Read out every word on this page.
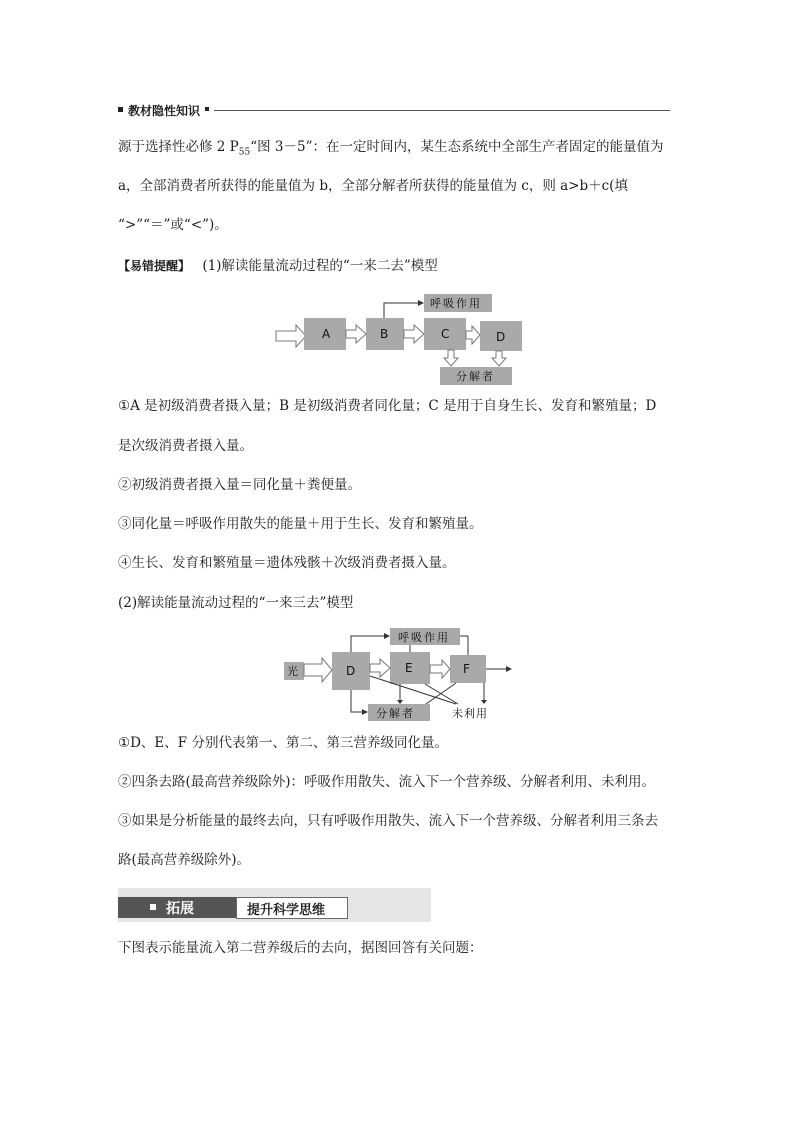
教材隐性知识
源于选择性必修 2 $P_{55}“$图 3－5”：在一定时间内，某生态系统中全部生产者固定的能量值为
a，全部消费者所获得的能量值为 b，全部分解者所获得的能量值为 c，则 a>b＋c(填
“>”“＝”或“<”)。
【易错提醒】 (1)解读能量流动过程的“一来二去”模型
A	B	C	D
呼吸作用
分解者
①A 是初级消费者摄入量；B 是初级消费者同化量；C 是用于自身生长、发育和繁殖量；D
是次级消费者摄入量。
②初级消费者摄入量＝同化量＋粪便量。
③同化量＝呼吸作用散失的能量＋用于生长、发育和繁殖量。
④生长、发育和繁殖量＝遗体残骸＋次级消费者摄入量。
(2)解读能量流动过程的“一来三去”模型
光	D	E	F
呼吸作用
分解者	未利用
①D、E、F 分别代表第一、第二、第三营养级同化量。
②四条去路(最高营养级除外)：呼吸作用散失、流入下一个营养级、分解者利用、未利用。
③如果是分析能量的最终去向，只有呼吸作用散失、流入下一个营养级、分解者利用三条去
路(最高营养级除外)。
拓展	提升科学思维
下图表示能量流入第二营养级后的去向，据图回答有关问题：
